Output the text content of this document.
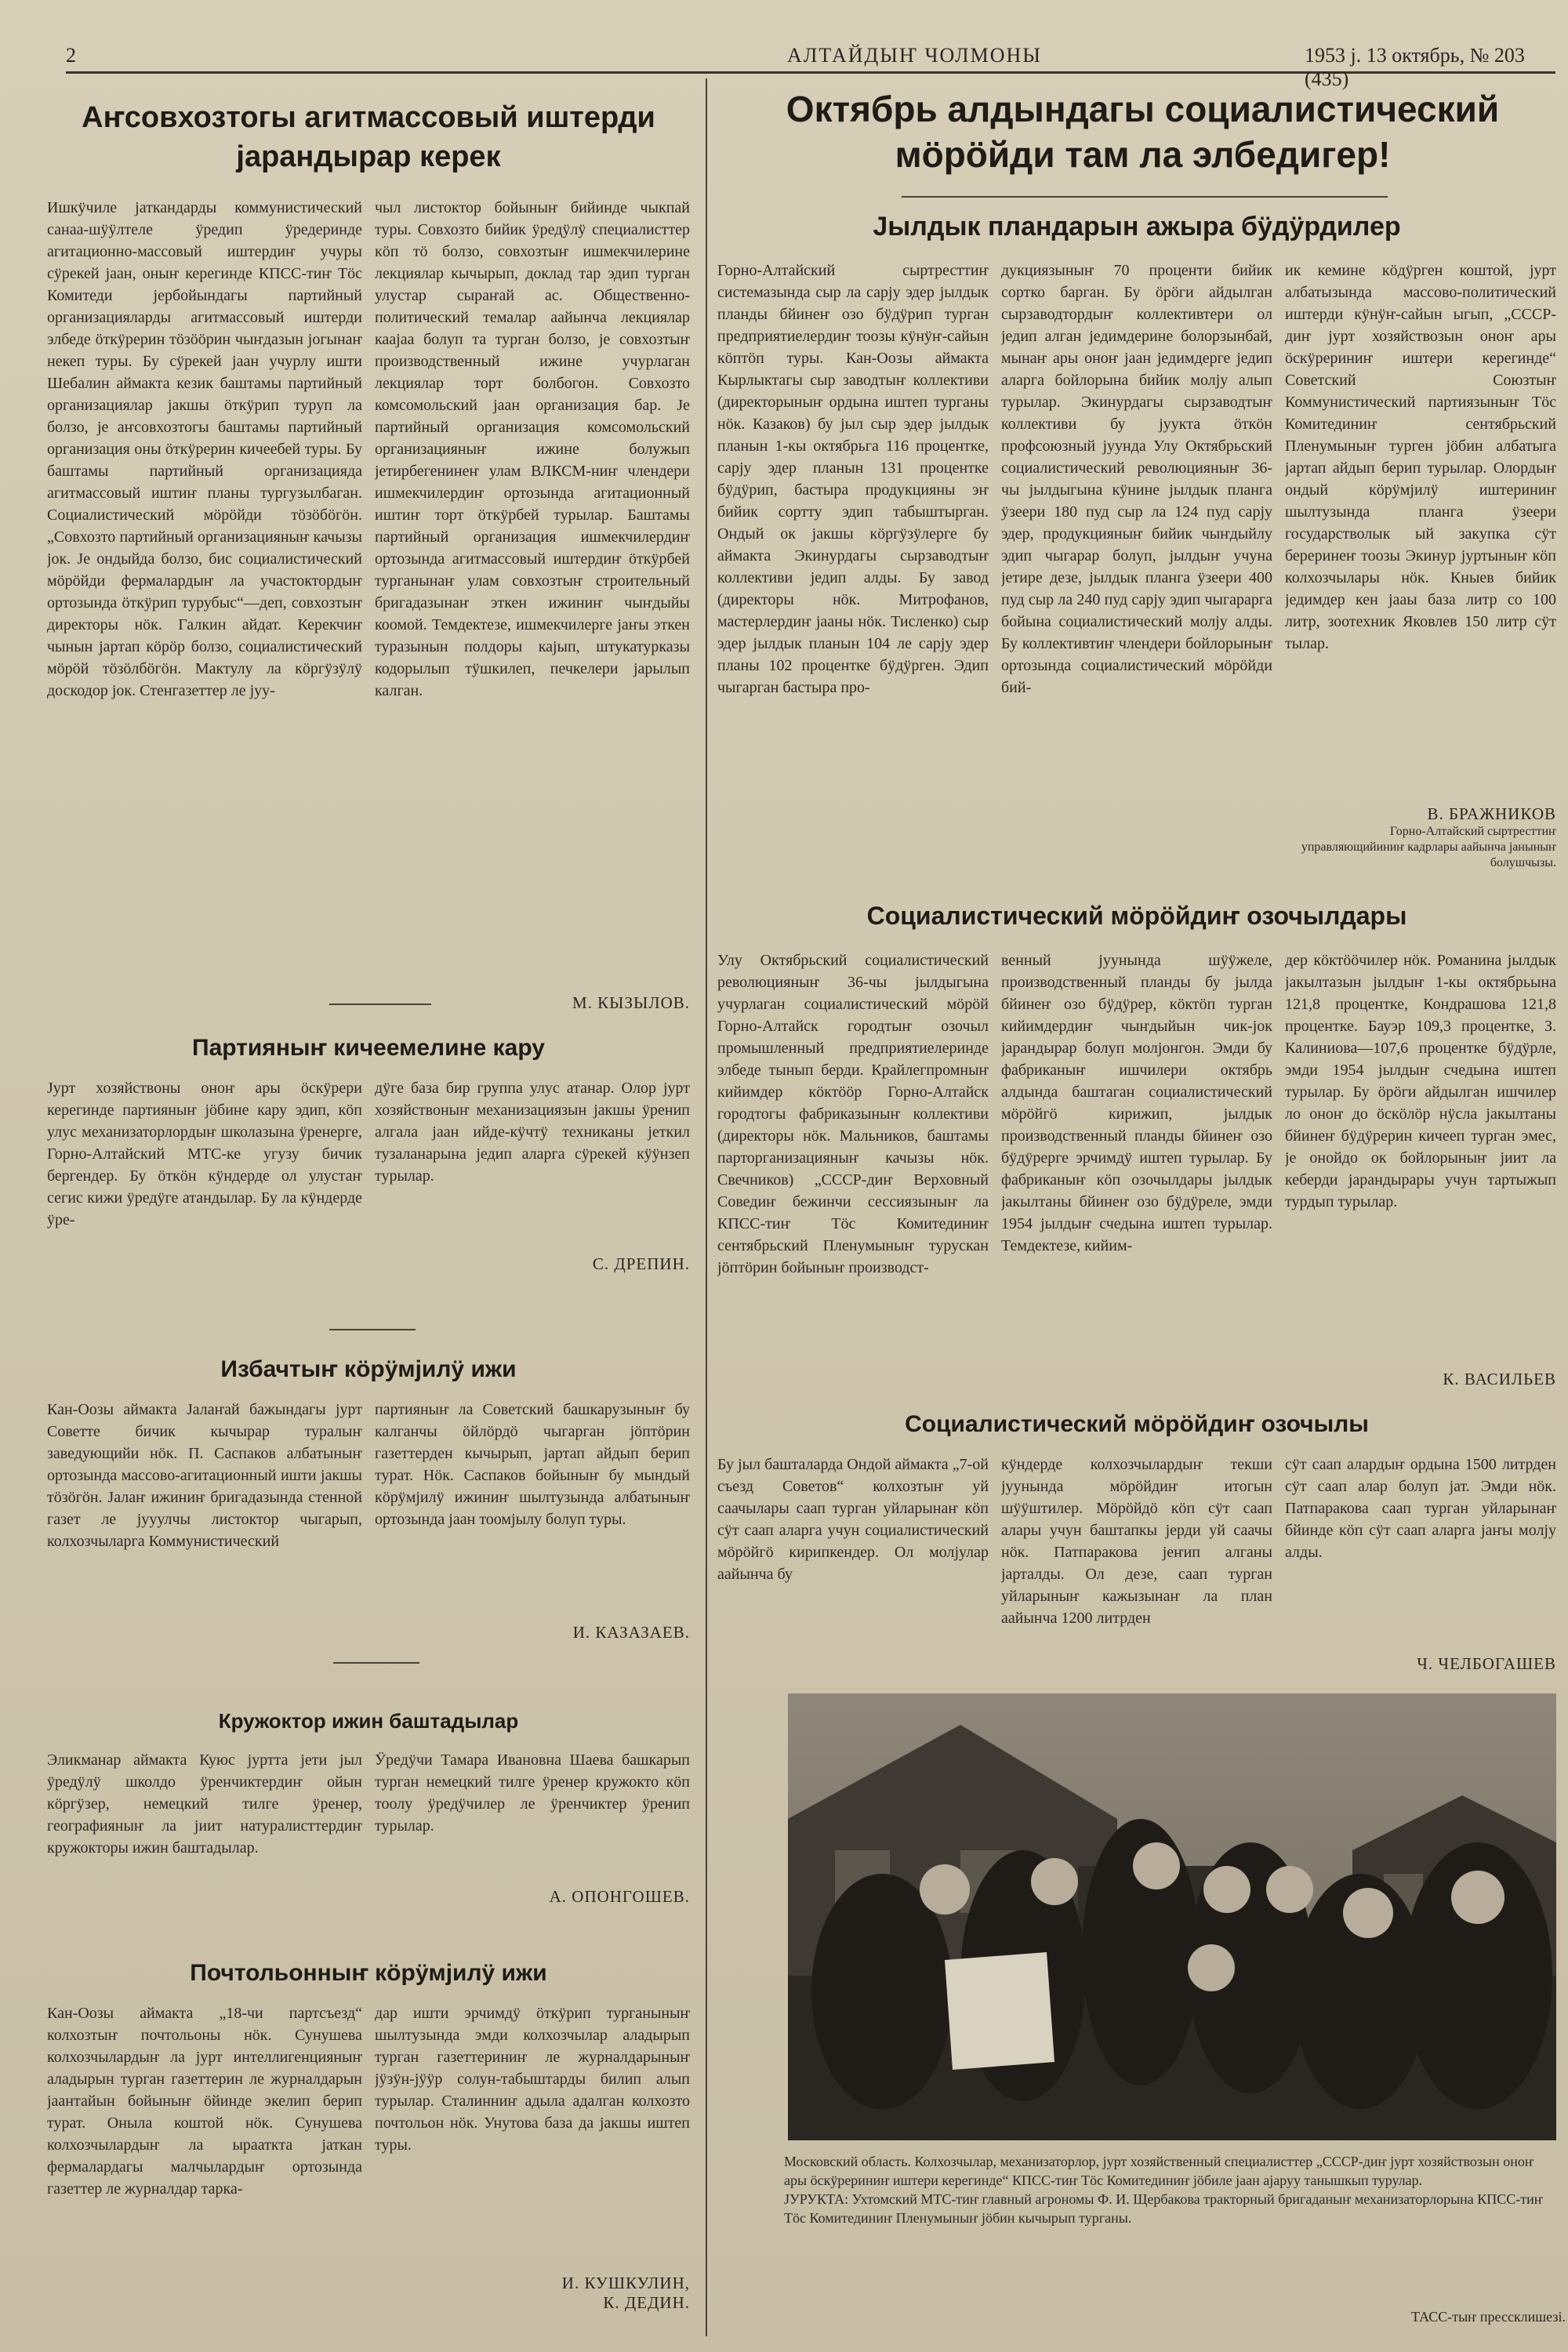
2	АЛТАЙДЫҤ ЧОЛМОНЫ	1953 ј. 13 октябрь, № 203 (435)
Аҥсовхозтогы агитмассовый иштерди јарандырар керек
Ишкӱчиле јаткандарды коммунистический санаа-шӱӱлтеле ӱредип ӱредеринде агитационно-массовый иштердиҥ учуры сӱрекей јаан, оныҥ керегинде КПСС-тиҥ Тӧс Комитеди јербойындагы партийный организацияларды агитмассовый иштерди элбеде ӧткӱрерин тӧзӧӧрин чыҥдазын јогынаҥ некеп туры. Бу сӱрекей јаан учурлу ишти Шебалин аймакта кезик баштамы партийный организациялар јакшы ӧткӱрип туруп ла болзо, је аҥсовхозтогы баштамы партийный организация оны ӧткӱрерин кичеебей туры. Бу баштамы партийный организацияда агитмассовый иштиҥ планы тургузылбаган. Социалистический мӧрӧйди тӧзӧбӧгӧн. „Совхозто партийный организацияныҥ качызы јок. Је ондыйда болзо, бис социалистический мӧрӧйди фермалардыҥ ла участоктордыҥ ортозында ӧткӱрип турубыс“—деп, совхозтыҥ директоры нӧк. Галкин айдат. Керекчиҥ чынын јартап кӧрӧр болзо, социалистический мӧрӧй тӧзӧлбӧгӧн. Мактулу ла кӧргӱзӱлӱ доскодор јок. Стенгазеттер ле јуу-
чыл листоктор бойыныҥ бийинде чыкпай туры. Совхозто бийик ӱредӱлӱ специалисттер кӧп тӧ болзо, совхозтыҥ ишмекчилерине лекциялар кычырып, доклад тар эдип турган улустар сыраҥай ас. Общественно-политический темалар аайынча лекциялар каајаа болуп та турган болзо, је совхозтыҥ производственный ижине учурлаган лекциялар торт болбогон. Совхозто комсомольский јаан организация бар. Је партийный организация комсомольский организацияныҥ ижине болужып јетирбегенинеҥ улам ВЛКСМ-ниҥ члендери ишмекчилердиҥ ортозында агитационный иштиҥ торт ӧткӱрбей турылар. Баштамы партийный организация ишмекчилердиҥ ортозында агитмассовый иштердиҥ ӧткӱрбей турганынаҥ улам совхозтыҥ строительный бригадазынаҥ эткен ижиниҥ чыҥдыйы коомой. Темдектезе, ишмекчилерге јаҥы эткен туразынын полдоры кајып, штукатурказы кодорылып тӱшкилеп, печкелери јарылып калган.
М. КЫЗЫЛОВ.
Партияныҥ кичеемелине кару
Јурт хозяйствоны оноҥ ары ӧскӱрери керегинде партияныҥ јӧбине кару эдип, кӧп улус механизаторлордыҥ школазына ӱренерге, Горно-Алтайский МТС-ке угузу бичик бергендер. Бу ӧткӧн кӱндерде ол улустаҥ сегис кижи ӱредӱге атандылар. Бу ла кӱндерде ӱре-
дӱге база бир группа улус атанар. Олор јурт хозяйствоныҥ механизациязын јакшы ӱренип алгала јаан ийде-кӱчтӱ техниканы јеткил тузаланарына једип аларга сӱрекей кӱӱнзеп турылар.
С. ДРЕПИН.
Избачтыҥ кӧрӱмјилӱ ижи
Кан-Оозы аймакта Јалаҥай бажындагы јурт Советте бичик кычырар туралыҥ заведующийи нӧк. П. Саспаков албатыныҥ ортозында массово-агитационный ишти јакшы тӧзӧгӧн. Јалаҥ ижиниҥ бригадазында стенной газет ле јууулчы листоктор чыгарып, колхозчыларга Коммунистический
партияныҥ ла Советский башкарузыныҥ бу калганчы ӧйлӧрдӧ чыгарган јӧптӧрин газеттерден кычырып, јартап айдып берип турат. Нӧк. Саспаков бойыныҥ бу мындый кӧрӱмјилӱ ижиниҥ шылтузында албатыныҥ ортозында јаан тоомјылу болуп туры.
И. КАЗАЗАЕВ.
Кружоктор ижин баштадылар
Эликманар аймакта Куюс јуртта јети јыл ӱредӱлӱ школдо ӱренчиктердиҥ ойын кӧргӱзер, немецкий тилге ӱренер, географияныҥ ла јиит натуралисттердиҥ кружокторы ижин баштадылар.
Ӱредӱчи Тамара Ивановна Шаева башкарып турган немецкий тилге ӱренер кружокто кӧп тоолу ӱредӱчилер ле ӱренчиктер ӱренип турылар.
А. ОПОНГОШЕВ.
Почтольонныҥ кӧрӱмјилӱ ижи
Кан-Оозы аймакта „18-чи партсъезд“ колхозтыҥ почтольоны нӧк. Сунушева колхозчылардыҥ ла јурт интеллигенцияныҥ аладырын турган газеттерин ле журналдарын јаантайын бойыныҥ ӧйинде экелип берип турат. Оныла коштой нӧк. Сунушева колхозчылардыҥ ла ырааткта јаткан фермалардагы малчылардыҥ ортозында газеттер ле журналдар тарка-
дар ишти эрчимдӱ ӧткӱрип турганыныҥ шылтузында эмди колхозчылар аладырып турган газеттериниҥ ле журналдарыныҥ јӱзӱн-јӱӱр солун-табыштарды билип алып турылар. Сталинниҥ адыла адалган колхозто почтольон нӧк. Унутова база да јакшы иштеп туры.
И. КУШКУЛИН,
К. ДЕДИН.
Октябрь алдындагы социалистический мӧрӧйди там ла элбедигер!
Јылдык пландарын ажыра бӱдӱрдилер
Горно-Алтайский сыртресттиҥ системазында сыр ла сарју эдер јылдык планды бйинеҥ озо бӱдӱрип турган предприятиелердиҥ тоозы кӱнӱҥ-сайын кӧптӧп туры. Кан-Оозы аймакта Кырлыктагы сыр заводтыҥ коллективи (директорыныҥ ордына иштеп турганы нӧк. Казаков) бу јыл сыр эдер јылдык планын 1-кы октябрьга 116 процентке, сарју эдер планын 131 процентке бӱдӱрип, бастыра продукцияны эҥ бийик сортту эдип табыштырган. Ондый ок јакшы кӧргӱзӱлерге бу аймакта Экинурдагы сырзаводтыҥ коллективи једип алды. Бу завод (директоры нӧк. Митрофанов, мастерлердиҥ јааны нӧк. Тисленко) сыр эдер јылдык планын 104 ле сарју эдер планы 102 процентке бӱдӱрген. Эдип чыгарган бастыра про-
дукциязыныҥ 70 проценти бийик сортко барган. Бу ӧрӧги айдылган сырзаводтордыҥ коллективтери ол једип алган једимдерине болорзынбай, мынаҥ ары оноҥ јаан једимдерге једип аларга бойлорына бийик молју алып турылар. Экинурдагы сырзаводтыҥ коллективи бу јуукта ӧткӧн профсоюзный јуунда Улу Октябрьский социалистический революцияныҥ 36-чы јылдыгына кӱнине јылдык планга ӱзеери 180 пуд сыр ла 124 пуд сарју эдер, продукцияныҥ бийик чыҥдыйлу эдип чыгарар болуп, јылдыҥ учуна јетире дезе, јылдык планга ӱзеери 400 пуд сыр ла 240 пуд сарју эдип чыгарарга бойына социалистический молју алды. Бу коллективтиҥ члендери бойлорыныҥ ортозында социалистический мӧрӧйди бий-
ик кемине кӧдӱрген коштой, јурт албатызында массово-политический иштерди кӱнӱҥ-сайын ыгып, „СССР-диҥ јурт хозяйствозын оноҥ ары ӧскӱрериниҥ иштери керегинде“ Советский Союзтыҥ Коммунистический партиязыныҥ Тӧс Комитединиҥ сентябрьский Пленумыныҥ турген јӧбин албатыга јартап айдып берип турылар. Олордыҥ ондый кӧрӱмјилӱ иштериниҥ шылтузында планга ӱзеери государстволык ый закупка сӱт береринеҥ тоозы Экинур јуртыныҥ кӧп колхозчылары нӧк. Кныев бийик једимдер кен јааы база литр со 100 литр, зоотехник Яковлев 150 литр сӱт тылар.
В. БРАЖНИКОВ
Горно-Алтайский сыртресттиҥ управляющийиниҥ кадрлары аайынча јаныныҥ болушчызы.
Социалистический мӧрӧйдиҥ озочылдары
Улу Октябрьский социалистический революцияныҥ 36-чы јылдыгына учурлаган социалистический мӧрӧй Горно-Алтайск городтыҥ озочыл промышленный предприятиелеринде элбеде тынып берди. Крайлегпромныҥ кийимдер кӧктӧӧр Горно-Алтайск городтогы фабриказыныҥ коллективи (директоры нӧк. Мальников, баштамы парторганизацияныҥ качызы нӧк. Свечников) „СССР-диҥ Верховный Соведиҥ бежинчи сессиязыныҥ ла КПСС-тиҥ Тӧс Комитединиҥ сентябрьский Пленумыныҥ турускан јӧптӧрин бойыныҥ производст-
венный јуунында шӱӱжеле, производственный планды бу јылда бйинеҥ озо бӱдӱрер, кӧктӧп турган кийимдердиҥ чыҥдыйын чик-јок јарандырар болуп молјонгон. Эмди бу фабриканыҥ ишчилери октябрь алдында баштаган социалистический мӧрӧйгӧ кирижип, јылдык производственный планды бйинеҥ озо бӱдӱрерге эрчимдӱ иштеп турылар. Бу фабриканыҥ кӧп озочылдары јылдык јакылтаны бйинеҥ озо бӱдӱреле, эмди 1954 јылдыҥ счедына иштеп турылар. Темдектезе, кийим-
дер кӧктӧӧчилер нӧк. Романина јылдык јакылтазын јылдыҥ 1-кы октябрьына 121,8 процентке, Кондрашова 121,8 процентке. Бауэр 109,3 процентке, З. Калиниова—107,6 процентке бӱдӱрле, эмди 1954 јылдыҥ счедына иштеп турылар. Бу ӧрӧги айдылган ишчилер ло оноҥ до ӧскӧлӧр нӱсла јакылтаны бйинеҥ бӱдӱрерин кичееп турган эмес, је онойдо ок бойлорыныҥ јиит ла кеберди јарандырары учун тартыжып турдып турылар.
К. ВАСИЛЬЕВ
Социалистический мӧрӧйдиҥ озочылы
Бу јыл башталарда Ондой аймакта „7-ой съезд Советов“ колхозтыҥ уй саачылары саап турган уйларынаҥ кӧп сӱт саап аларга учун социалистический мӧрӧйгӧ кирипкендер. Ол молјулар аайынча бу
кӱндерде колхозчылардыҥ текши јуунында мӧрӧйдиҥ итогын шӱӱштилер. Мӧрӧйдӧ кӧп сӱт саап алары учун баштапкы јерди уй саачы нӧк. Патпаракова јеҥип алганы јарталды. Ол дезе, саап турган уйларыныҥ кажызынаҥ ла план аайынча 1200 литрден
сӱт саап алардыҥ ордына 1500 литрден сӱт саап алар болуп јат. Эмди нӧк. Патпаракова саап турган уйларынаҥ бйинде кӧп сӱт саап аларга јаҥы молју алды.
Ч. ЧЕЛБОГАШЕВ
Московский область. Колхозчылар, механизаторлор, јурт хозяйственный специалисттер „СССР-диҥ јурт хозяйствозын оноҥ ары ӧскӱрериниҥ иштери керегинде“ КПСС-тиҥ Тӧс Комитединиҥ јӧбиле јаан ајаруу танышкып турулар.
ЈУРУКТА: Ухтомский МТС-тиҥ главный агрономы Ф. И. Щербакова тракторный бригаданыҥ механизаторлорына КПСС-тиҥ Тӧс Комитединиҥ Пленумыныҥ јӧбин кычырып турганы.
ТАСС-тыҥ прессклишезі.
